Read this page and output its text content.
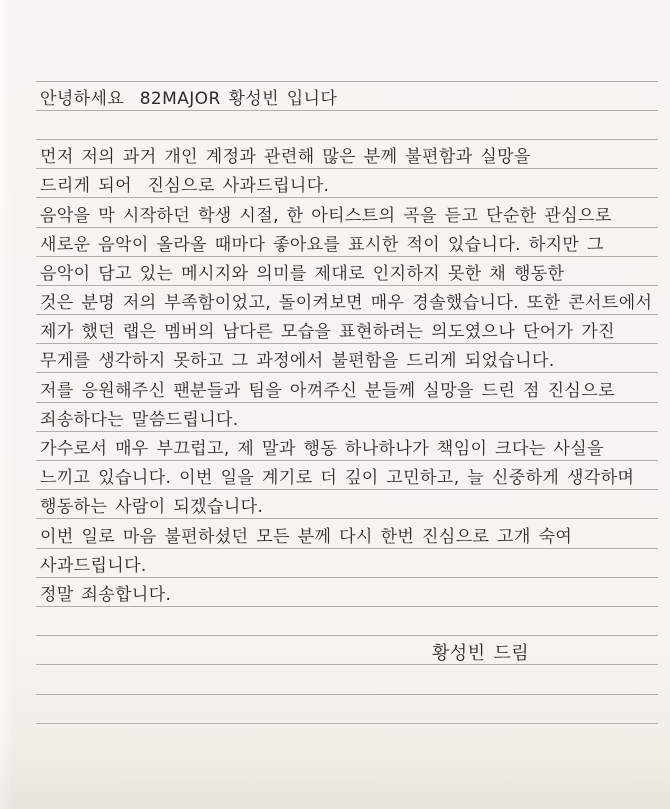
안녕하세요  82MAJOR 황성빈 입니다
먼저 저의 과거 개인 계정과 관련해 많은 분께 불편함과 실망을
드리게 되어  진심으로 사과드립니다.
음악을 막 시작하던 학생 시절, 한 아티스트의 곡을 듣고 단순한 관심으로
새로운 음악이 올라올 때마다 좋아요를 표시한 적이 있습니다. 하지만 그
음악이 담고 있는 메시지와 의미를 제대로 인지하지 못한 채 행동한
것은 분명 저의 부족함이었고, 돌이켜보면 매우 경솔했습니다. 또한 콘서트에서
제가 했던 랩은 멤버의 남다른 모습을 표현하려는 의도였으나 단어가 가진
무게를 생각하지 못하고 그 과정에서 불편함을 드리게 되었습니다.
저를 응원해주신 팬분들과 팀을 아껴주신 분들께 실망을 드린 점 진심으로
죄송하다는 말씀드립니다.
가수로서 매우 부끄럽고, 제 말과 행동 하나하나가 책임이 크다는 사실을
느끼고 있습니다. 이번 일을 계기로 더 깊이 고민하고, 늘 신중하게 생각하며
행동하는 사람이 되겠습니다.
이번 일로 마음 불편하셨던 모든 분께 다시 한번 진심으로 고개 숙여
사과드립니다.
정말 죄송합니다.
황성빈 드림
